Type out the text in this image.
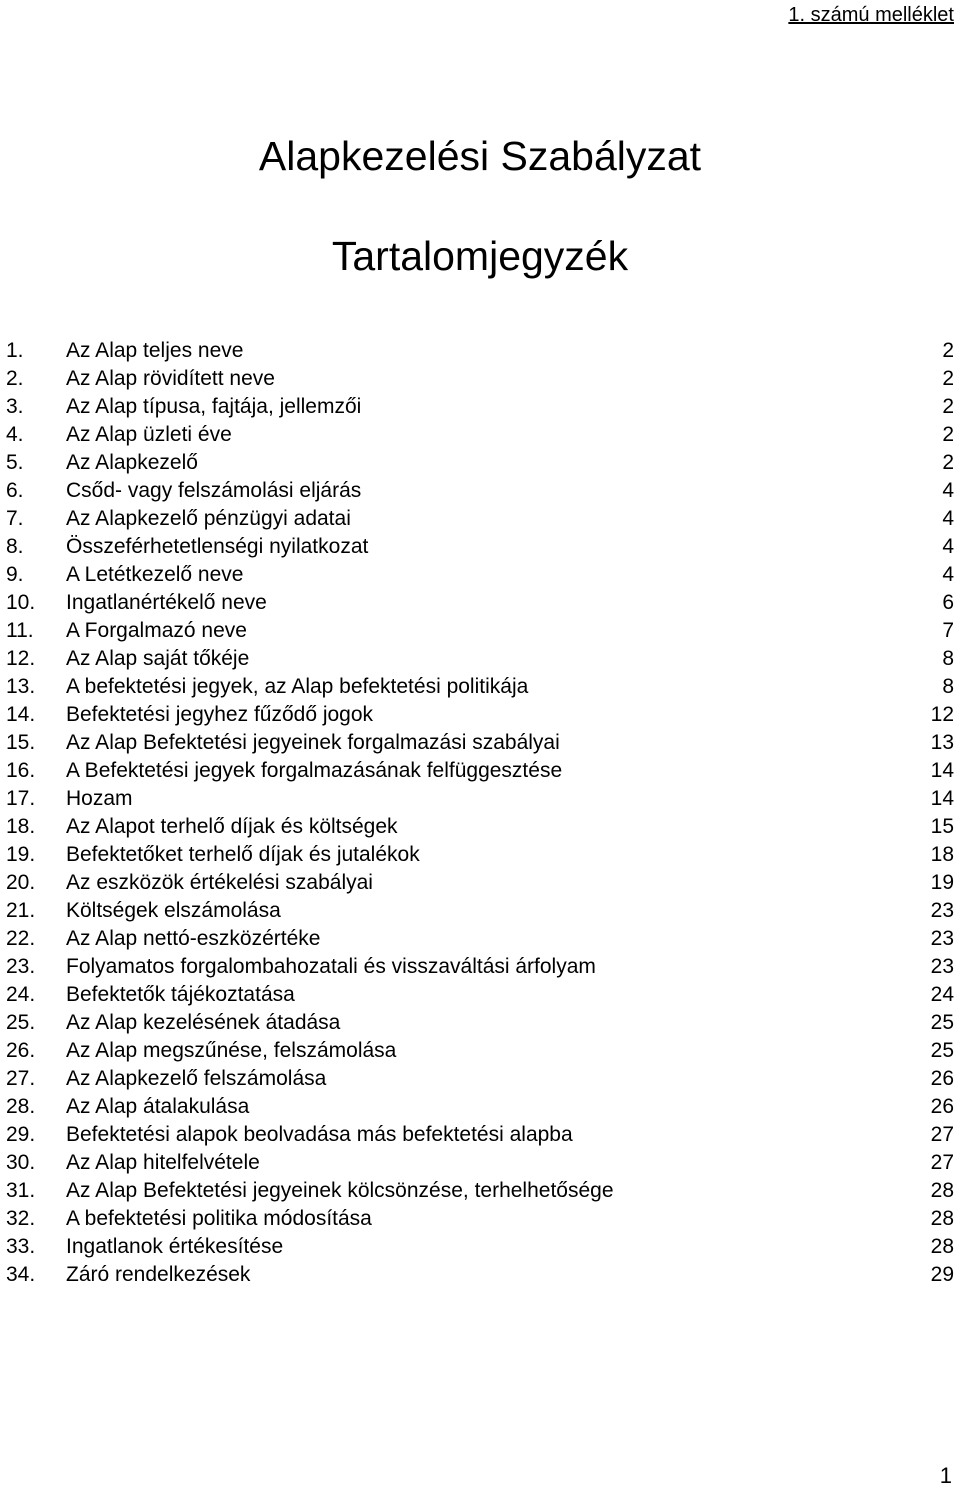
1. számú melléklet
Alapkezelési Szabályzat
Tartalomjegyzék
1. Az Alap teljes neve	2
2. Az Alap rövidített neve	2
3. Az Alap típusa, fajtája, jellemzői	2
4. Az Alap üzleti éve	2
5. Az Alapkezelő	2
6. Csőd- vagy felszámolási eljárás	4
7. Az Alapkezelő pénzügyi adatai	4
8. Összeférhetetlenségi nyilatkozat	4
9. A Letétkezelő neve	4
10. Ingatlanértékelő neve	6
11. A Forgalmazó neve	7
12. Az Alap saját tőkéje	8
13. A befektetési jegyek, az Alap befektetési politikája	8
14. Befektetési jegyhez fűződő jogok	12
15. Az Alap Befektetési jegyeinek forgalmazási szabályai	13
16. A Befektetési jegyek forgalmazásának felfüggesztése	14
17. Hozam	14
18. Az Alapot terhelő díjak és költségek	15
19. Befektetőket terhelő díjak és jutalékok	18
20. Az eszközök értékelési szabályai	19
21. Költségek elszámolása	23
22. Az Alap nettó-eszközértéke	23
23. Folyamatos forgalombahozatali és visszaváltási árfolyam	23
24. Befektetők tájékoztatása	24
25. Az Alap kezelésének átadása	25
26. Az Alap megszűnése, felszámolása	25
27. Az Alapkezelő felszámolása	26
28. Az Alap átalakulása	26
29. Befektetési alapok beolvadása más befektetési alapba	27
30. Az Alap hitelfelvétele	27
31. Az Alap Befektetési jegyeinek kölcsönzése, terhelhetősége	28
32. A befektetési politika módosítása	28
33. Ingatlanok értékesítése	28
34. Záró rendelkezések	29
1
